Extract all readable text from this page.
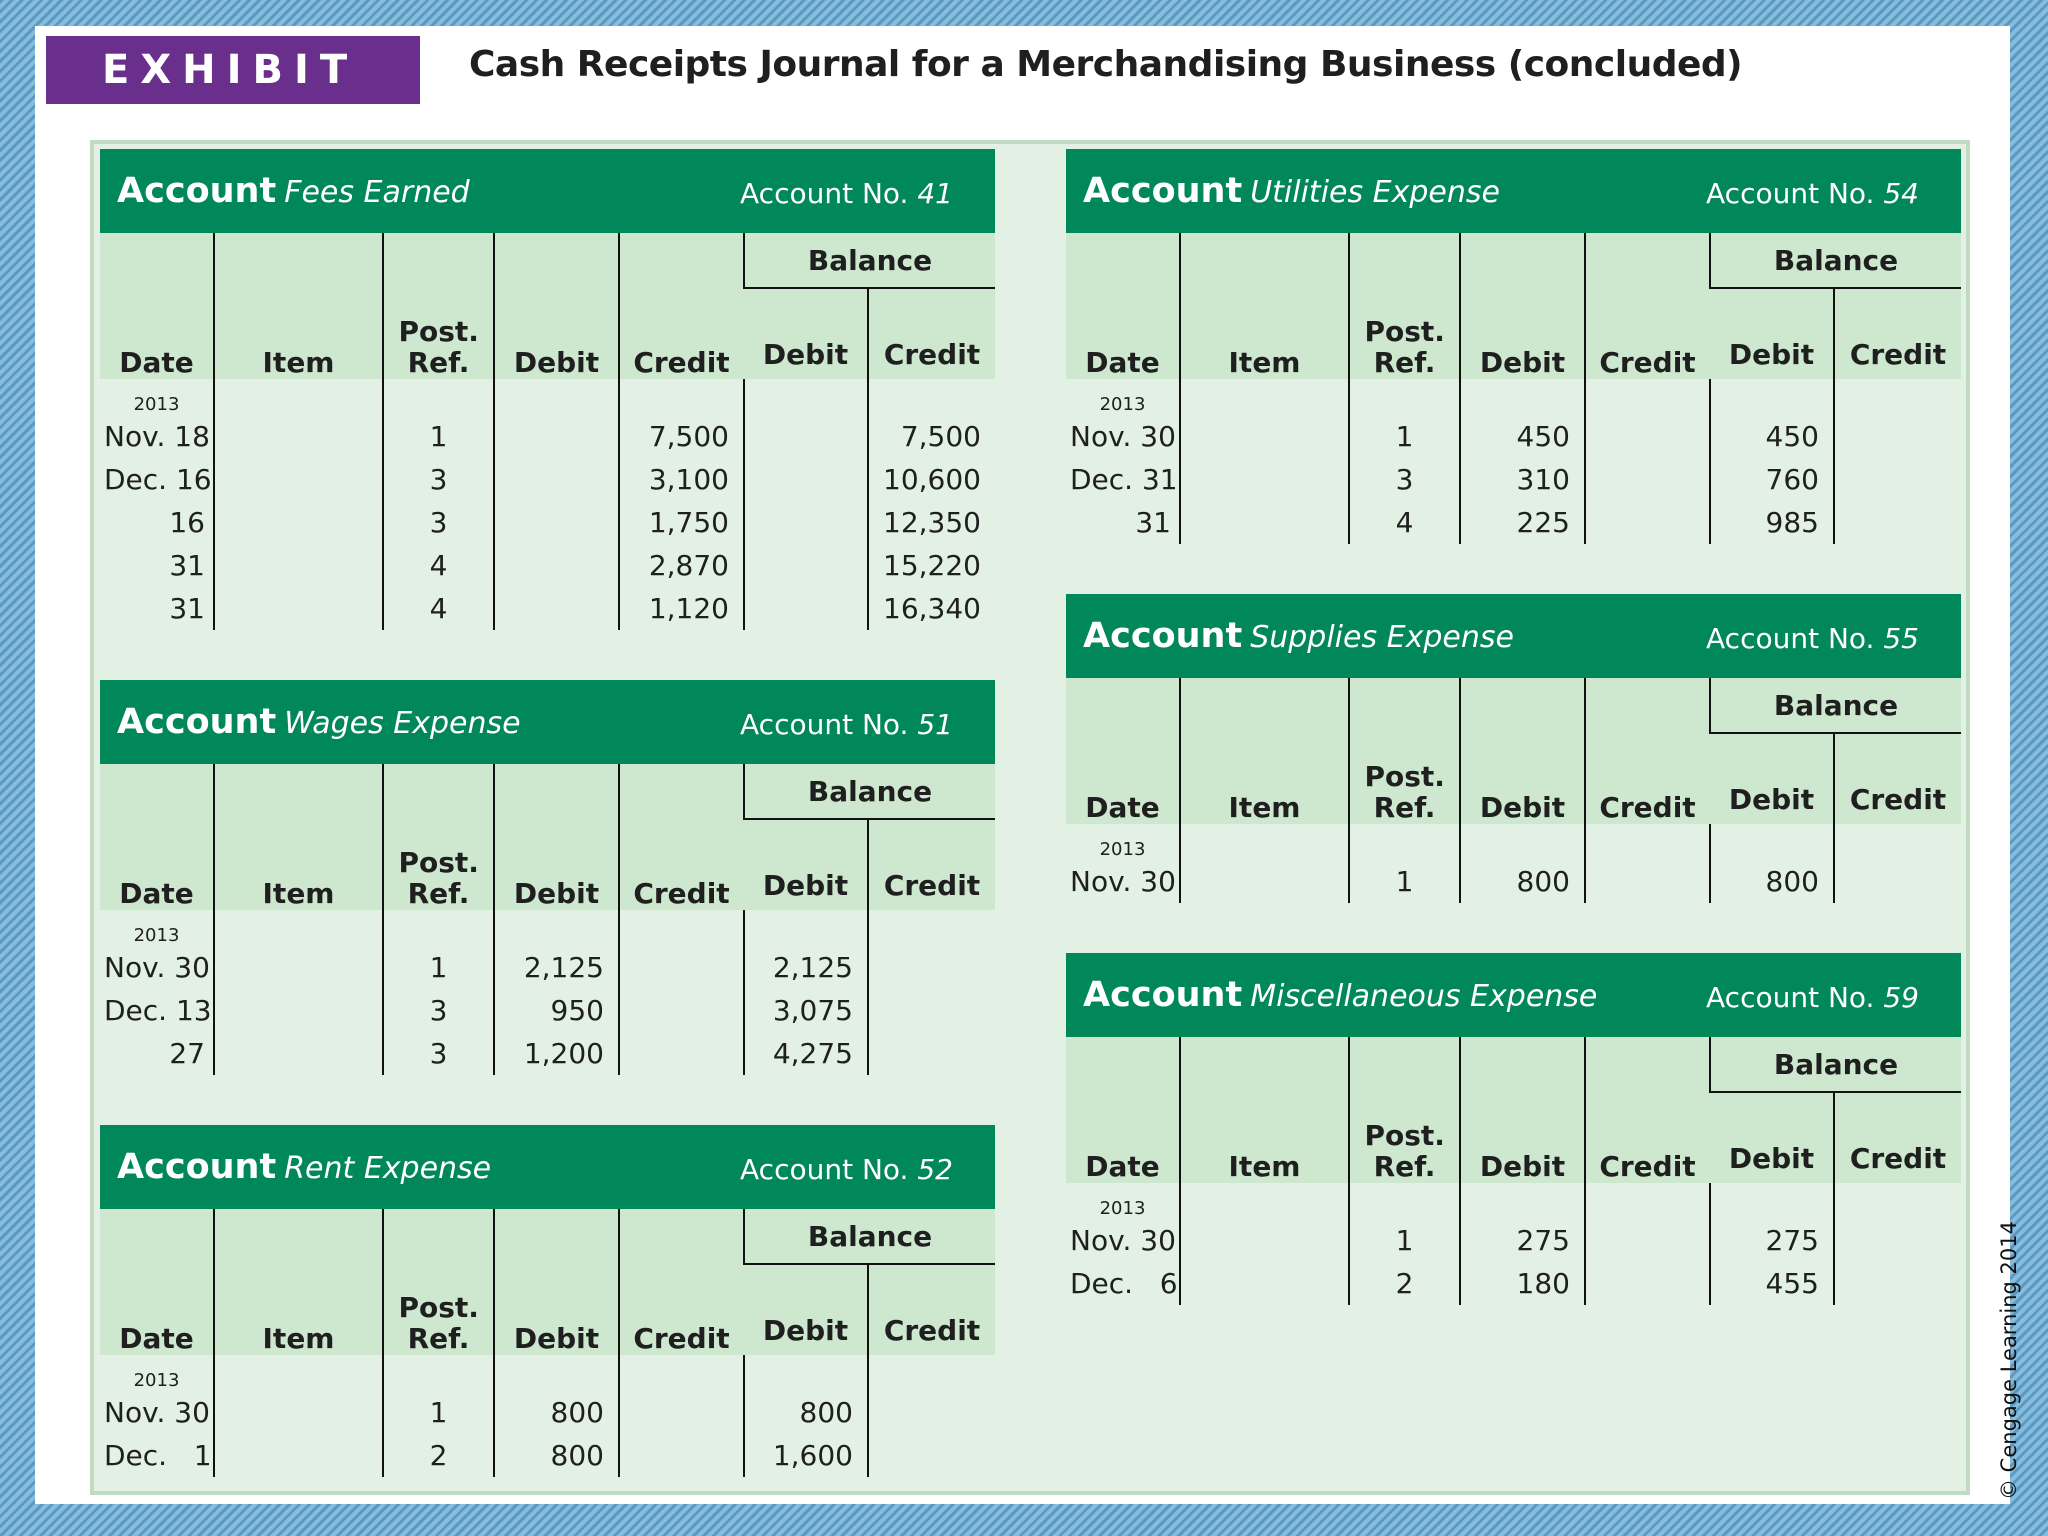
EXHIBIT 5
Cash Receipts Journal for a Merchandising Business (concluded)
Account Fees Earned	Account No. 41
Date	Item	Post. Ref.	Debit	Credit	Balance	
					Debit	Credit
2013						
Nov. 18		1		7,500		7,500
Dec. 16		3		3,100		10,600
16		3		1,750		12,350
31		4		2,870		15,220
31		4		1,120		16,340
Account Wages Expense	Account No. 51
Date	Item	Post. Ref.	Debit	Credit	Balance	
					Debit	Credit
2013						
Nov. 30		1	2,125		2,125	
Dec. 13		3	950		3,075	
27		3	1,200		4,275	
Account Rent Expense	Account No. 52
Date	Item	Post. Ref.	Debit	Credit	Balance	
					Debit	Credit
2013						
Nov. 30		1	800		800	
Dec.   1		2	800		1,600	
Account Utilities Expense	Account No. 54
Date	Item	Post. Ref.	Debit	Credit	Balance	
					Debit	Credit
2013						
Nov. 30		1	450		450	
Dec. 31		3	310		760	
31		4	225		985	
Account Supplies Expense	Account No. 55
Date	Item	Post. Ref.	Debit	Credit	Balance	
					Debit	Credit
2013						
Nov. 30		1	800		800	
Account Miscellaneous Expense	Account No. 59
Date	Item	Post. Ref.	Debit	Credit	Balance	
					Debit	Credit
2013						
Nov. 30		1	275		275	
Dec.   6		2	180		455		© Cengage Learning 2014
